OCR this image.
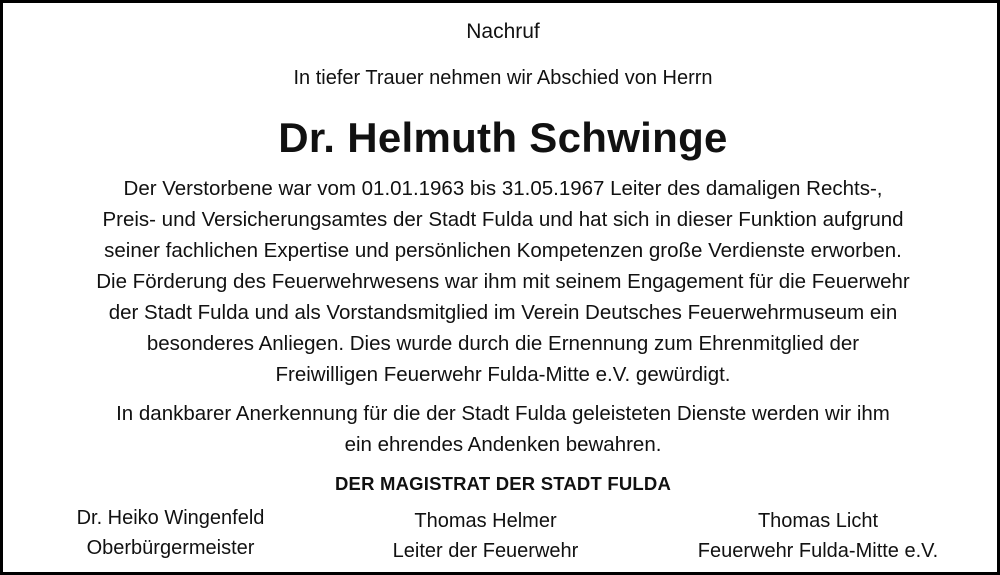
Nachruf
In tiefer Trauer nehmen wir Abschied von Herrn
Dr. Helmuth Schwinge
Der Verstorbene war vom 01.01.1963 bis 31.05.1967 Leiter des damaligen Rechts-,
Preis- und Versicherungsamtes der Stadt Fulda und hat sich in dieser Funktion aufgrund
seiner fachlichen Expertise und persönlichen Kompetenzen große Verdienste erworben.
Die Förderung des Feuerwehrwesens war ihm mit seinem Engagement für die Feuerwehr
der Stadt Fulda und als Vorstandsmitglied im Verein Deutsches Feuerwehrmuseum ein
besonderes Anliegen. Dies wurde durch die Ernennung zum Ehrenmitglied der
Freiwilligen Feuerwehr Fulda-Mitte e.V. gewürdigt.
In dankbarer Anerkennung für die der Stadt Fulda geleisteten Dienste werden wir ihm
ein ehrendes Andenken bewahren.
DER MAGISTRAT DER STADT FULDA
Dr. Heiko Wingenfeld
Oberbürgermeister
Thomas Helmer
Leiter der Feuerwehr
Thomas Licht
Feuerwehr Fulda-Mitte e.V.
